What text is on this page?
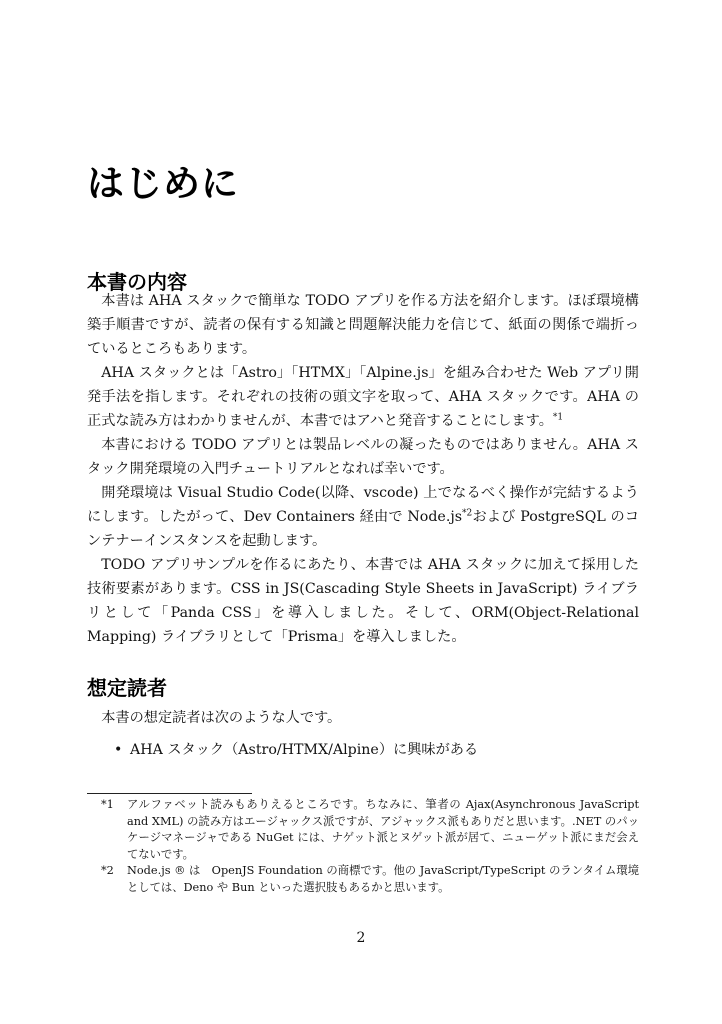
はじめに
本書の内容

本書は AHA スタックで簡単な TODO アプリを作る方法を紹介します。ほぼ環境構築手順書ですが、読者の保有する知識と問題解決能力を信じて、紙面の関係で端折っているところもあります。

AHA スタックとは「Astro」「HTMX」「Alpine.js」を組み合わせた Web アプリ開発手法を指します。それぞれの技術の頭文字を取って、AHA スタックです。AHA の正式な読み方はわかりませんが、本書ではアハと発音することにします。$^{*1}$

本書における TODO アプリとは製品レベルの凝ったものではありません。AHA スタック開発環境の入門チュートリアルとなれば幸いです。

開発環境は Visual Studio Code(以降、vscode) 上でなるべく操作が完結するようにします。したがって、Dev Containers 経由で $Node.js^{*2}$および PostgreSQL のコンテナーインスタンスを起動します。

TODO アプリサンプルを作るにあたり、本書では AHA スタックに加えて採用した技術要素があります。CSS in JS(Cascading Style Sheets in JavaScript) ライブラリとして「Panda CSS」を導入しました。そして、ORM(Object-Relational Mapping) ライブラリとして「Prisma」を導入しました。

想定読者

本書の想定読者は次のような人です。

• AHA スタック（Astro/HTMX/Alpine）に興味がある

*1 アルファベット読みもありえるところです。ちなみに、筆者の Ajax(Asynchronous JavaScript and XML) の読み方はエージャックス派ですが、アジャックス派もありだと思います。.NET のパッケージマネージャである NuGet には、ナゲット派とヌゲット派が居て、ニューゲット派にまだ会えてないです。

*2 Node.js ® は　OpenJS Foundation の商標です。他の JavaScript/TypeScript のランタイム環境としては、Deno や Bun といった選択肢もあるかと思います。

2
